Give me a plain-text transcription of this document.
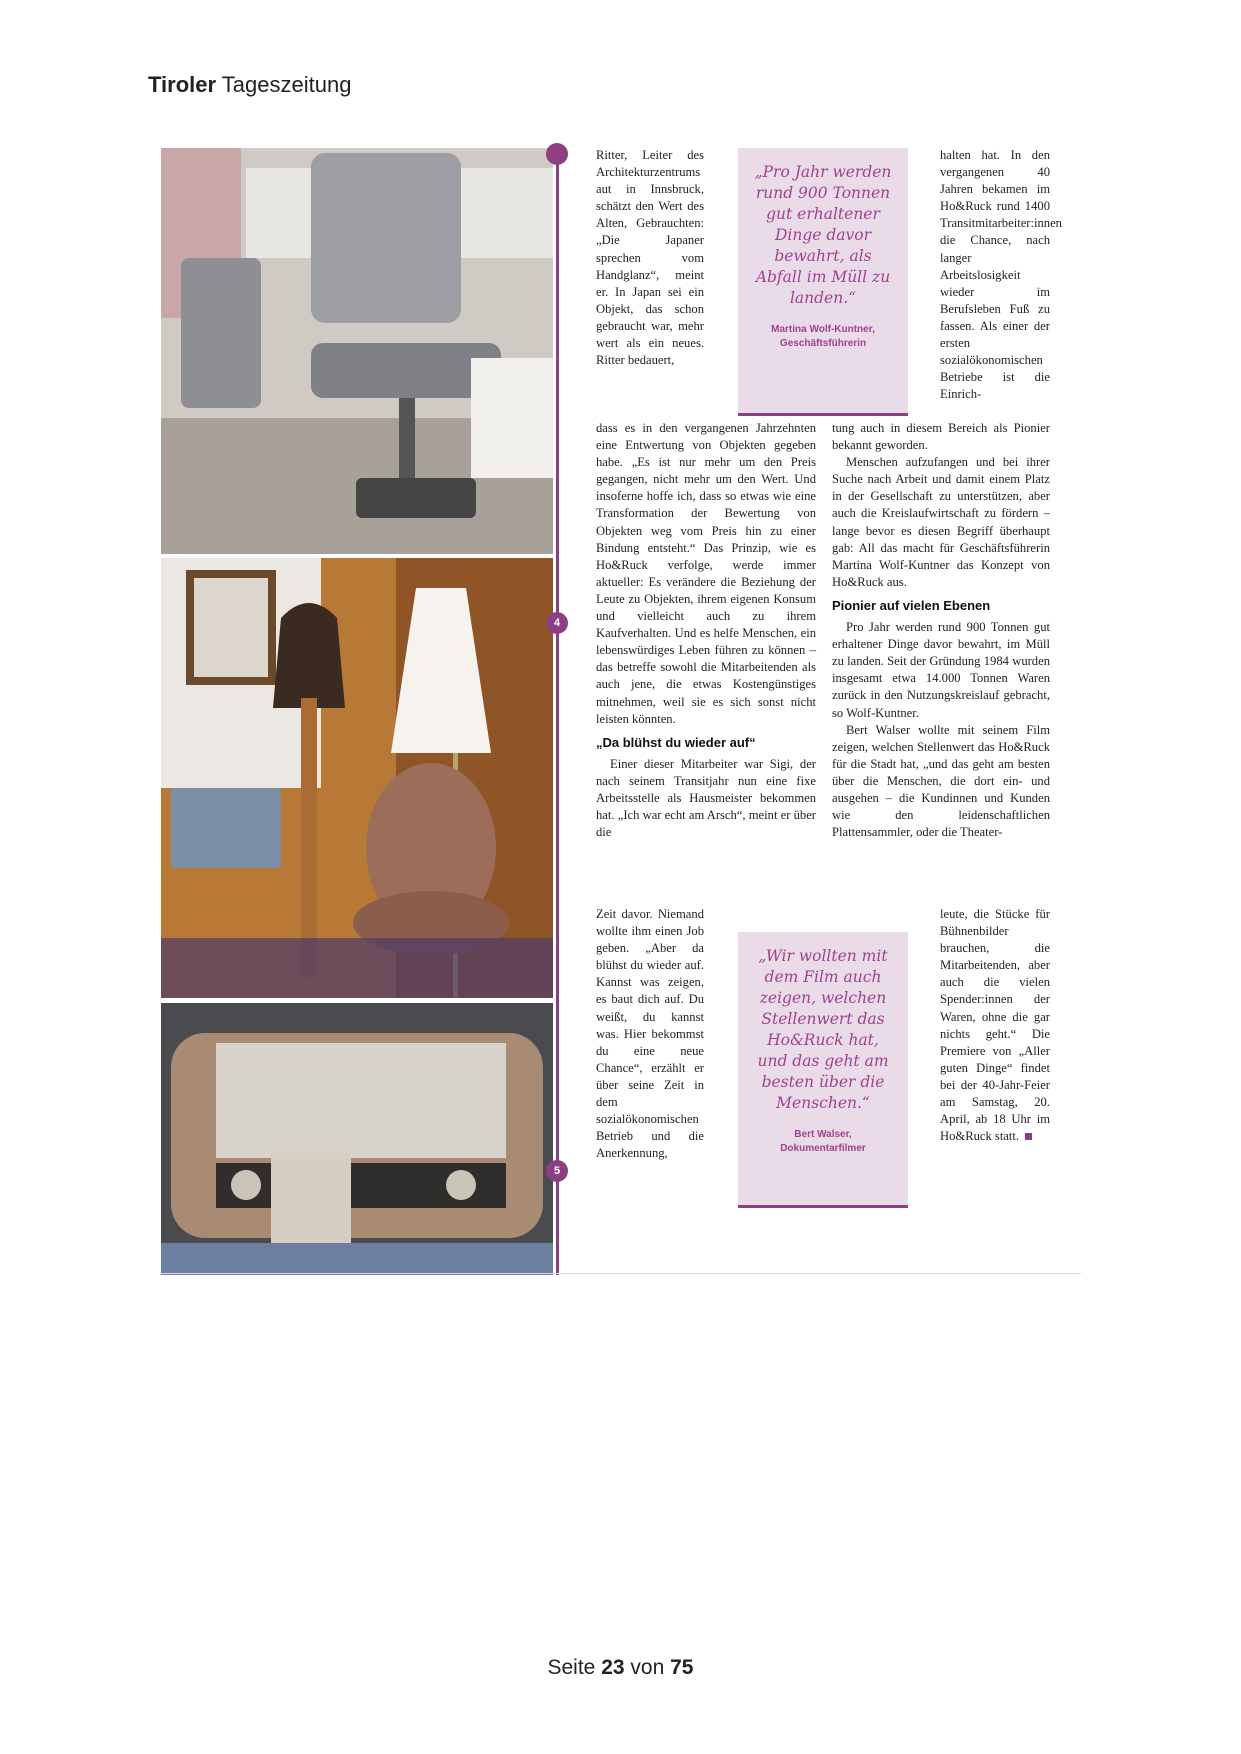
Tiroler Tageszeitung
4
5
„Pro Jahr werden rund 900 Tonnen gut erhaltener Dinge davor bewahrt, als Abfall im Müll zu landen.“
Martina Wolf-Kuntner,
Geschäftsführerin
„Wir wollten mit dem Film auch zeigen, welchen Stellenwert das Ho&Ruck hat, und das geht am besten über die Menschen.“
Bert Walser,
Dokumentarfilmer

Ritter, Leiter des Architekturzentrums aut in Innsbruck, schätzt den Wert des Alten, Gebrauchten: „Die Japaner sprechen vom Handglanz“, meint er. In Japan sei ein Objekt, das schon gebraucht war, mehr wert als ein neues. Ritter bedauert,

dass es in den vergangenen Jahrzehnten eine Entwertung von Objekten gegeben habe. „Es ist nur mehr um den Preis gegangen, nicht mehr um den Wert. Und insoferne hoffe ich, dass so etwas wie eine Transformation der Bewertung von Objekten weg vom Preis hin zu einer Bindung entsteht.“ Das Prinzip, wie es Ho&Ruck verfolge, werde immer aktueller: Es verändere die Beziehung der Leute zu Objekten, ihrem eigenen Konsum und vielleicht auch zu ihrem Kaufverhalten. Und es helfe Menschen, ein lebenswürdiges Leben führen zu können – das betreffe sowohl die Mitarbeitenden als auch jene, die etwas Kostengünstiges mitnehmen, weil sie es sich sonst nicht leisten könnten.

„Da blühst du wieder auf“

Einer dieser Mitarbeiter war Sigi, der nach seinem Transitjahr nun eine fixe Arbeitsstelle als Hausmeister bekommen hat. „Ich war echt am Arsch“, meint er über die

Zeit davor. Niemand wollte ihm einen Job geben. „Aber da blühst du wieder auf. Kannst was zeigen, es baut dich auf. Du weißt, du kannst was. Hier bekommst du eine neue Chance“, erzählt er über seine Zeit in dem sozialökonomischen Betrieb und die Anerkennung,

halten hat. In den vergangenen 40 Jahren bekamen im Ho&Ruck rund 1400 Transitmitarbeiter:innen die Chance, nach langer Arbeitslosigkeit wieder im Berufsleben Fuß zu fassen. Als einer der ersten sozialökonomischen Betriebe ist die Einrich-

tung auch in diesem Bereich als Pionier bekannt geworden.

Menschen aufzufangen und bei ihrer Suche nach Arbeit und damit einem Platz in der Gesellschaft zu unterstützen, aber auch die Kreislaufwirtschaft zu fördern – lange bevor es diesen Begriff überhaupt gab: All das macht für Geschäftsführerin Martina Wolf-Kuntner das Konzept von Ho&Ruck aus.

Pionier auf vielen Ebenen

Pro Jahr werden rund 900 Tonnen gut erhaltener Dinge davor bewahrt, im Müll zu landen. Seit der Gründung 1984 wurden insgesamt etwa 14.000 Tonnen Waren zurück in den Nutzungskreislauf gebracht, so Wolf-Kuntner.

Bert Walser wollte mit seinem Film zeigen, welchen Stellenwert das Ho&Ruck für die Stadt hat, „und das geht am besten über die Menschen, die dort ein- und ausgehen – die Kundinnen und Kunden wie den leidenschaftlichen Plattensammler, oder die Theater-

leute, die Stücke für Bühnenbilder brauchen, die Mitarbeitenden, aber auch die vielen Spender:innen der Waren, ohne die gar nichts geht.“ Die Premiere von „Aller guten Dinge“ findet bei der 40-Jahr-Feier am Samstag, 20. April, ab 18 Uhr im Ho&Ruck statt.

Seite 23 von 75
